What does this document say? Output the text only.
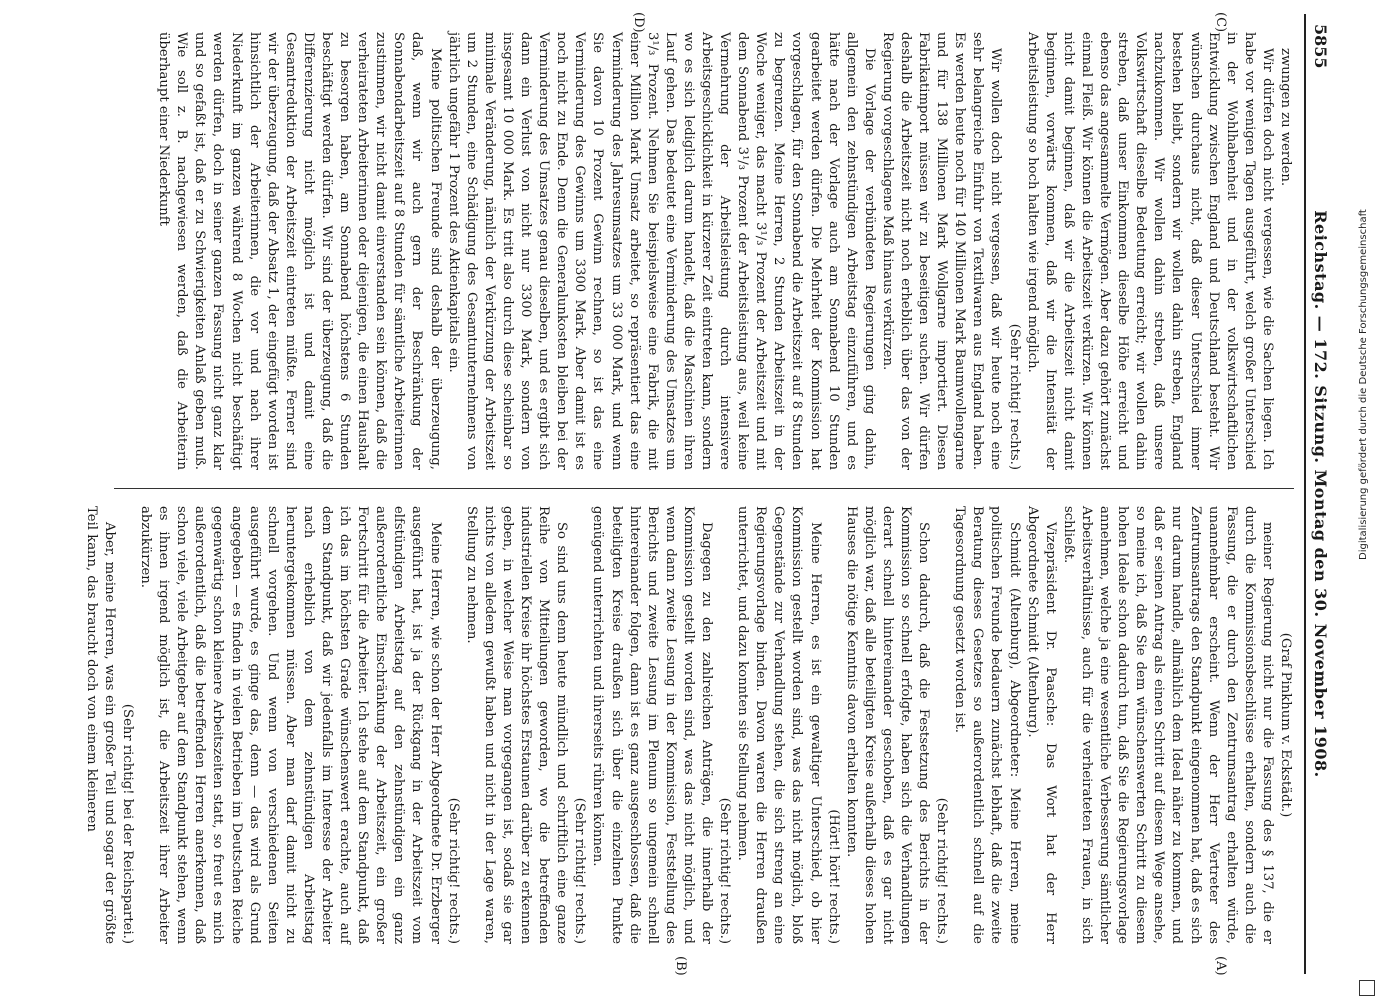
5855
Reichstag. — 172. Sitzung. Montag den 30. November 1908.
(C)
(D)
(A)
(B)

zwungen zu werden.

Wir dürfen doch nicht vergessen, wie die Sachen liegen. Ich habe vor wenigen Tagen ausgeführt, welch großer Unterschied in der Wohlhabenheit und in der volkswirtschaftlichen Entwicklung zwischen England und Deutschland besteht. Wir wünschen durchaus nicht, daß dieser Unterschied immer bestehen bleibt, sondern wir wollen dahin streben, England nachzukommen. Wir wollen dahin streben, daß unsere Volkswirtschaft dieselbe Bedeutung erreicht; wir wollen dahin streben, daß unser Einkommen dieselbe Höhe erreicht und ebenso das angesammelte Vermögen. Aber dazu gehört zunächst einmal Fleiß. Wir können die Arbeitszeit verkürzen. Wir können nicht damit beginnen, daß wir die Arbeitszeit nicht damit beginnen, vorwärts kommen, daß wir die Intensität der Arbeitsleistung so hoch halten wie irgend möglich.

(Sehr richtig! rechts.)

Wir wollen doch nicht vergessen, daß wir heute noch eine sehr belangreiche Einfuhr von Textilwaren aus England haben. Es werden heute noch für 140 Millionen Mark Baumwollengarne und für 138 Millionen Mark Wollgarne importiert. Diesen Fabrikatimport müssen wir zu beseitigen suchen. Wir dürfen deshalb die Arbeitszeit nicht noch erheblich über das von der Regierung vorgeschlagene Maß hinaus verkürzen.

Die Vorlage der verbündeten Regierungen ging dahin, allgemein den zehnstündigen Arbeitstag einzuführen, und es hätte nach der Vorlage auch am Sonnabend 10 Stunden gearbeitet werden dürfen. Die Mehrheit der Kommission hat vorgeschlagen, für den Sonnabend die Arbeitszeit auf 8 Stunden zu begrenzen. Meine Herren, 2 Stunden Arbeitszeit in der Woche weniger, das macht 3¹/₃ Prozent der Arbeitszeit und mit dem Sonnabend 3¹/₃ Prozent der Arbeitsleistung aus, weil keine Vermehrung der Arbeitsleistung durch intensivere Arbeitsgeschicklichkeit in kürzerer Zeit eintreten kann, sondern wo es sich lediglich darum handelt, daß die Maschinen ihren Lauf gehen. Das bedeutet eine Verminderung des Umsatzes um 3¹/₃ Prozent. Nehmen Sie beispielsweise eine Fabrik, die mit einer Million Mark Umsatz arbeitet, so repräsentiert das eine Verminderung des Jahresumsatzes um 33 000 Mark, und wenn Sie davon 10 Prozent Gewinn rechnen, so ist das eine Verminderung des Gewinns um 3300 Mark. Aber damit ist es noch nicht zu Ende. Denn die Generalunkosten bleiben bei der Verminderung des Umsatzes genau dieselben, und es ergibt sich dann ein Verlust von nicht nur 3300 Mark, sondern von insgesamt 10 000 Mark. Es tritt also durch diese scheinbar so minimale Veränderung, nämlich der Verkürzung der Arbeitszeit um 2 Stunden, eine Schädigung des Gesamtunternehmens von jährlich ungefähr 1 Prozent des Aktienkapitals ein.

Meine politischen Freunde sind deshalb der überzeugung, daß, wenn wir auch gern der Beschränkung der Sonnabendarbeitszeit auf 8 Stunden für sämtliche Arbeiterinnen zustimmen, wir nicht damit einverstanden sein können, daß die verheirateten Arbeiterinnen oder diejenigen, die einen Haushalt zu besorgen haben, am Sonnabend höchstens 6 Stunden beschäftigt werden dürfen. Wir sind der überzeugung, daß die Differenzierung nicht möglich ist und damit eine Gesamtreduktion der Arbeitszeit eintreten müßte. Ferner sind wir der überzeugung, daß der Absatz 1, der eingefügt worden ist hinsichtlich der Arbeiterinnen, die vor und nach ihrer Niederkunft im ganzen während 8 Wochen nicht beschäftigt werden dürfen, doch in seiner ganzen Fassung nicht ganz klar und so gefaßt ist, daß er zu Schwierigkeiten Anlaß geben muß. Wie soll z. B. nachgewiesen werden, daß die Arbeiterin überhaupt einer Niederkunft

(Graf Pinkhum v. Eckstädt.)

meiner Regierung nicht nur die Fassung des § 137, die er durch die Kommissionsbeschlüsse erhalten, sondern auch die Fassung, die er durch den Zentrumsantrag erhalten würde, unannehmbar erscheint. Wenn der Herr Vertreter des Zentrumsantrags den Standpunkt eingenommen hat, daß es sich nur darum handle, allmählich dem Ideal näher zu kommen, und daß er seinen Antrag als einen Schritt auf diesem Wege ansehe, so meine ich, daß Sie dem wünschenswerten Schritt zu diesem hohen Ideale schon dadurch tun, daß Sie die Regierungsvorlage annehmen, welche ja eine wesentliche Verbesserung sämtlicher Arbeitsverhältnisse, auch für die verheirateten Frauen, in sich schließt.

Vizepräsident Dr. Paasche: Das Wort hat der Herr Abgeordnete Schmidt (Altenburg).

Schmidt (Altenburg), Abgeordneter: Meine Herren, meine politischen Freunde bedauern zunächst lebhaft, daß die zweite Beratung dieses Gesetzes so außerordentlich schnell auf die Tagesordnung gesetzt worden ist.

(Sehr richtig! rechts.)

Schon dadurch, daß die Festsetzung des Berichts in der Kommission so schnell erfolgte, haben sich die Verhandlungen derart schnell hintereinander geschoben, daß es gar nicht möglich war, daß alle beteiligten Kreise außerhalb dieses hohen Hauses die nötige Kenntnis davon erhalten konnten.

(Hört! hört! rechts.)

Meine Herren, es ist ein gewaltiger Unterschied, ob hier Kommission gestellt worden sind, was das nicht möglich, bloß Gegenstände zur Verhandlung stehen, die sich streng an eine Regierungsvorlage binden. Davon waren die Herren draußen unterrichtet, und dazu konnten sie Stellung nehmen.

(Sehr richtig! rechts.)

Dagegen zu den zahlreichen Anträgen, die innerhalb der Kommission gestellt worden sind, was das nicht möglich, und wenn dann zweite Lesung in der Kommission, Feststellung des Berichts und zweite Lesung im Plenum so ungemein schnell hintereinander folgen, dann ist es ganz ausgeschlossen, daß die beteiligten Kreise draußen sich über die einzelnen Punkte genügend unterrichten und ihrerseits rühren können.

(Sehr richtig! rechts.)

So sind uns denn heute mündlich und schriftlich eine ganze Reihe von Mitteilungen geworden, wo die betreffenden industriellen Kreise ihr höchstes Erstaunen darüber zu erkennen geben, in welcher Weise man vorgegangen ist, sodaß sie gar nichts von alledem gewußt haben und nicht in der Lage waren, Stellung zu nehmen.

(Sehr richtig! rechts.)

Meine Herren, wie schon der Herr Abgeordnete Dr. Erzberger ausgeführt hat, ist ja der Rückgang in der Arbeitszeit vom elfstündigen Arbeitstag auf den zehnstündigen ein ganz außerordentliche Einschränkung der Arbeitszeit, ein großer Fortschritt für die Arbeiter. Ich stehe auf dem Standpunkt, daß ich das im höchsten Grade wünschenswert erachte, auch auf dem Standpunkt, daß wir jedenfalls im Interesse der Arbeiter nach erheblich von dem zehnstündigen Arbeitstag heruntergekommen müssen. Aber man darf damit nicht zu schnell vorgehen. Und wenn von verschiedenen Seiten ausgeführt wurde, es ginge das, denn — das wird als Grund angegeben — es finden in vielen Betrieben im Deutschen Reiche gegenwärtig schon kleinere Arbeitszeiten statt, so freut es mich außerordentlich, daß die betreffenden Herren anerkennen, daß schon viele, viele Arbeitgeber auf dem Standpunkt stehen, wenn es ihnen irgend möglich ist, die Arbeitszeit ihrer Arbeiter abzukürzen.

(Sehr richtig! bei der Reichspartei.)

Aber, meine Herren, was ein großer Teil und sogar der größte Teil kann, das braucht doch von einem kleineren

Digitalisierung gefördert durch die Deutsche Forschungsgemeinschaft
